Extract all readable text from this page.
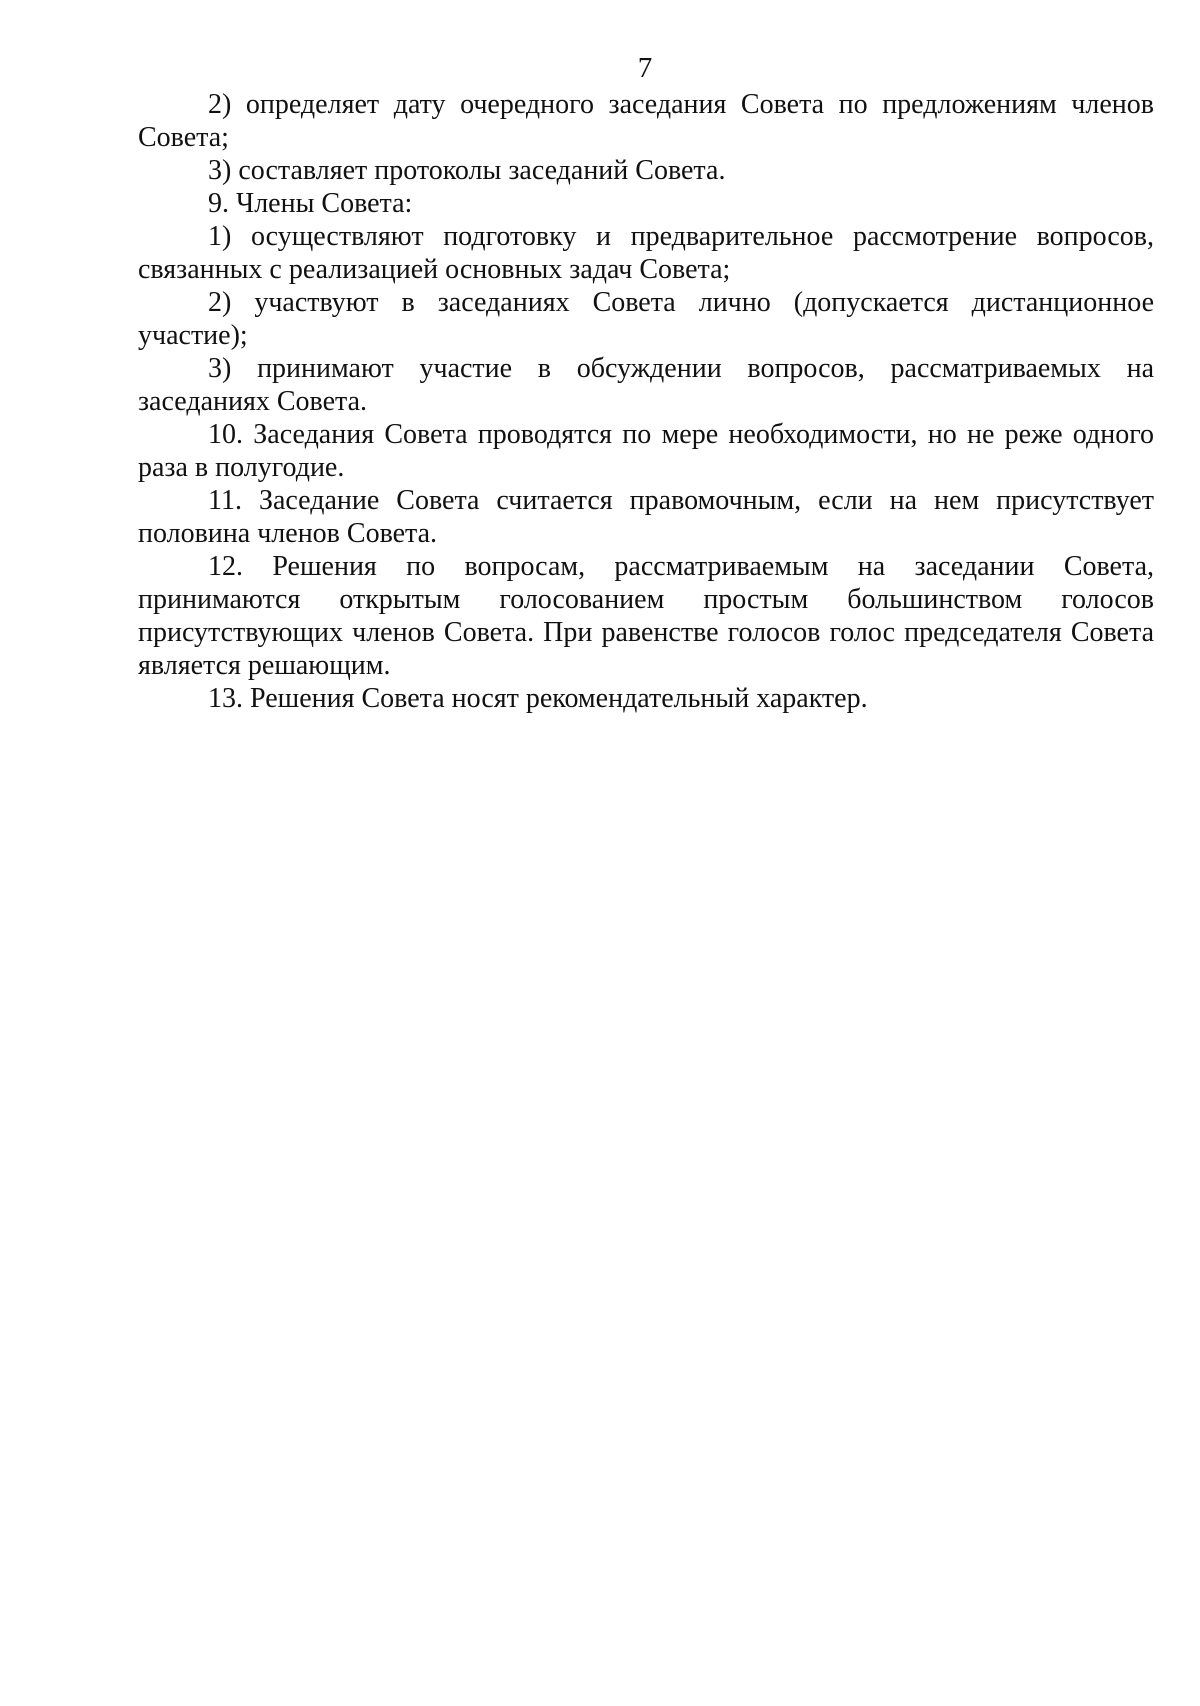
7

2) определяет дату очередного заседания Совета по предложениям членов Совета;

3) составляет протоколы заседаний Совета.

9. Члены Совета:

1) осуществляют подготовку и предварительное рассмотрение вопросов, связанных с реализацией основных задач Совета;

2) участвуют в заседаниях Совета лично (допускается дистанционное участие);

3) принимают участие в обсуждении вопросов, рассматриваемых на заседаниях Совета.

10. Заседания Совета проводятся по мере необходимости, но не реже одного раза в полугодие.

11. Заседание Совета считается правомочным, если на нем присутствует половина членов Совета.

12. Решения по вопросам, рассматриваемым на заседании Совета, принимаются открытым голосованием простым большинством голосов присутствующих членов Совета. При равенстве голосов голос председателя Совета является решающим.

13. Решения Совета носят рекомендательный характер.
